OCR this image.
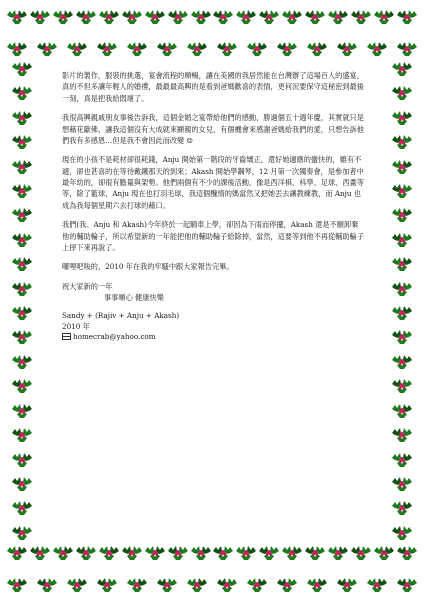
影片的製作，服裝的挑選，宴會流程的順暢，讓在美國的我居然能在台灣辦了這場百人的盛宴，真的不但多讓年輕人的婚禮，最最最高興的是看到爸媽歡喜的表情，更何況要保守這秘密到最後一刻，真是把我給悶壞了。

我很高興親戚朋友事後告訴我，這個金婚之宴帶給他們的感動，勝過個五十週年慶，其實就只是想藉花獻佛，讓我這個沒有大成就來顯親的女兒，有個機會來感謝爸媽給我們的愛，只想告訴他們我有多感恩…但是我不會因此而改變 ☺

現在的小孩不是耗材卻很耗錢，Anju 開始第一階段的牙齒矯正，還好她適應的蠻快的，雖有不適，卻也甚喜的在等待戴鐵那天的到來；Akash 開始學鋼琴，12 月第一次獨奏會，是參加者中最年幼的，卻很有膽量與架勢。他們兩個有不少的課後活動，像是西洋棋、科學、足球、西畫等等，除了籃球，Anju 現在也打羽毛球，我這個醜惰的媽當然又把她丟去讓教練教，而 Anju 也成為我每個星期六去打球的藉口。

我們(我、Anju 和 Akash)今年終於一起騎車上學，卻因為下雨而停擺，Akash 還是不願卸棄他的輔助輪子，所以希望新的一年能把他的輔助輪子給除掉，當然，這要等到他不再從輔助輪子上摔下來再說了。

囉哩吧唆的，2010 年在我的牢騷中跟大家報告完畢。

祝大家新的一年
事事順心 健康快樂

Sandy + (Rajiv + Anju + Akash)
2010 年
homecrab@yahoo.com
